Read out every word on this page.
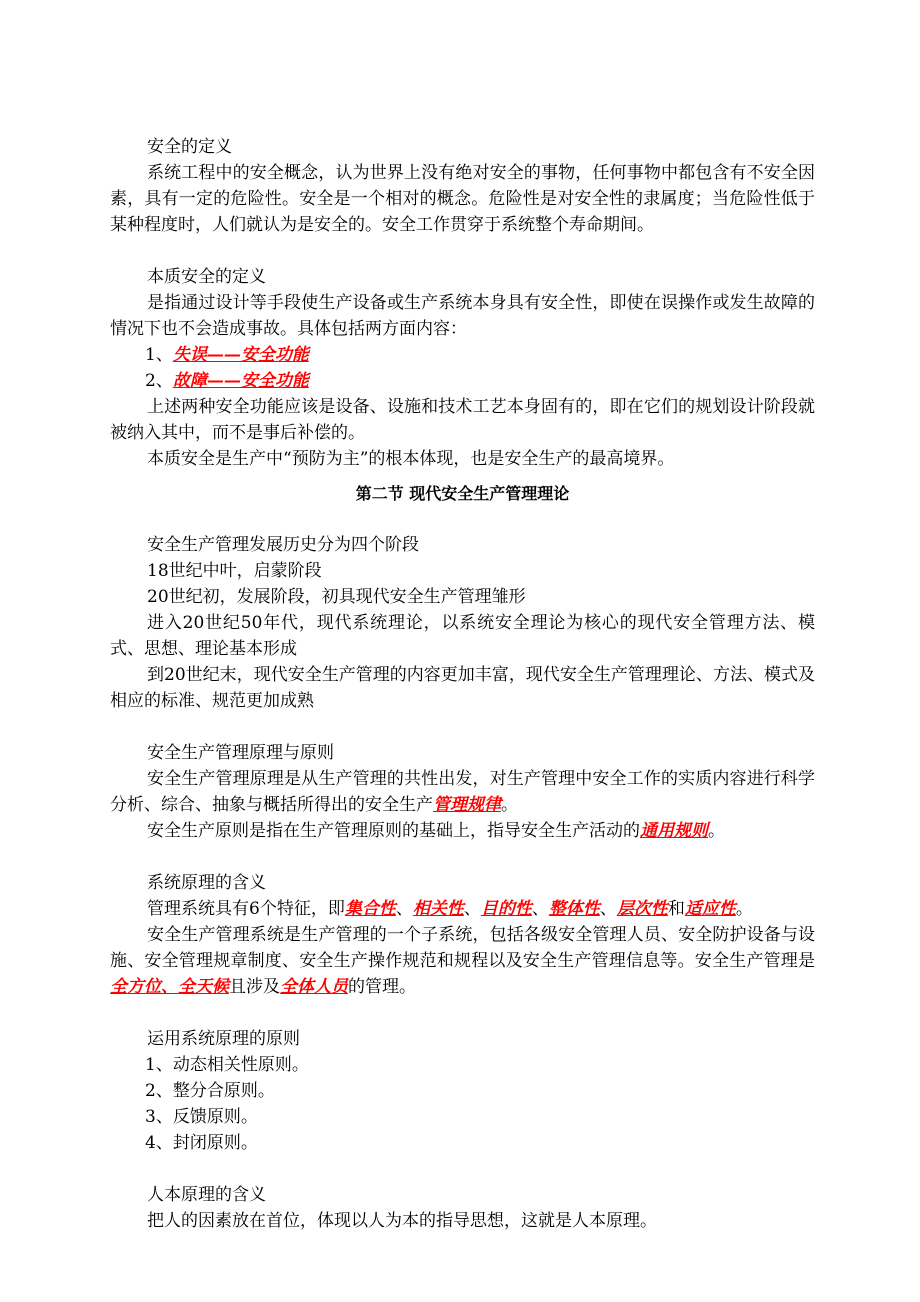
安全的定义

系统工程中的安全概念，认为世界上没有绝对安全的事物，任何事物中都包含有不安全因素，具有一定的危险性。安全是一个相对的概念。危险性是对安全性的隶属度；当危险性低于某种程度时，人们就认为是安全的。安全工作贯穿于系统整个寿命期间。

本质安全的定义

是指通过设计等手段使生产设备或生产系统本身具有安全性，即使在误操作或发生故障的情况下也不会造成事故。具体包括两方面内容：

1、失误——安全功能

2、故障——安全功能

上述两种安全功能应该是设备、设施和技术工艺本身固有的，即在它们的规划设计阶段就被纳入其中，而不是事后补偿的。

本质安全是生产中“预防为主”的根本体现，也是安全生产的最高境界。

第二节 现代安全生产管理理论

安全生产管理发展历史分为四个阶段

18世纪中叶，启蒙阶段

20世纪初，发展阶段，初具现代安全生产管理雏形

进入20世纪50年代，现代系统理论，以系统安全理论为核心的现代安全管理方法、模式、思想、理论基本形成

到20世纪末，现代安全生产管理的内容更加丰富，现代安全生产管理理论、方法、模式及相应的标准、规范更加成熟

安全生产管理原理与原则

安全生产管理原理是从生产管理的共性出发，对生产管理中安全工作的实质内容进行科学分析、综合、抽象与概括所得出的安全生产管理规律。

安全生产原则是指在生产管理原则的基础上，指导安全生产活动的通用规则。

系统原理的含义

管理系统具有6个特征，即集合性、相关性、目的性、整体性、层次性和适应性。

安全生产管理系统是生产管理的一个子系统，包括各级安全管理人员、安全防护设备与设施、安全管理规章制度、安全生产操作规范和规程以及安全生产管理信息等。安全生产管理是全方位、全天候且涉及全体人员的管理。

运用系统原理的原则

1、动态相关性原则。

2、整分合原则。

3、反馈原则。

4、封闭原则。

人本原理的含义

把人的因素放在首位，体现以人为本的指导思想，这就是人本原理。
